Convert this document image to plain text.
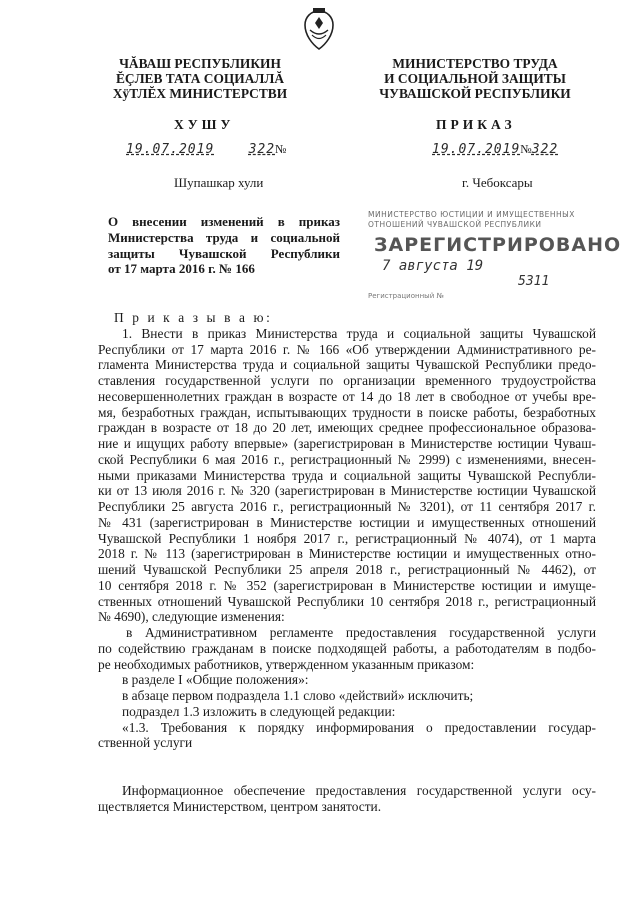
ЧĂВАШ РЕСПУБЛИКИН
ĔÇЛЕВ ТАТА СОЦИАЛЛĂ
ХÿТЛĔХ МИНИСТЕРСТВИ
МИНИСТЕРСТВО ТРУДА
И СОЦИАЛЬНОЙ ЗАЩИТЫ
ЧУВАШСКОЙ РЕСПУБЛИКИ
ХУШУ	ПРИКАЗ
19.07.2019	322№	19.07.2019№322
Шупашкар хули	г. Чебоксары
О внесении изменений в приказ
Министерства труда и социальной
защиты Чувашской Республики
от 17 марта 2016 г. № 166
МИНИСТЕРСТВО ЮСТИЦИИ И ИМУЩЕСТВЕННЫХ
ОТНОШЕНИЙ ЧУВАШСКОЙ РЕСПУБЛИКИ
ЗАРЕГИСТРИРОВАНО
7 августа 19
5311
Регистрационный №
П р и к а з ы в а ю:
1. Внести в приказ Министерства труда и социальной защиты Чувашской
Республики от 17 марта 2016 г. № 166 «Об утверждении Административного ре-
гламента Министерства труда и социальной защиты Чувашской Республики предо-
ставления государственной услуги по организации временного трудоустройства
несовершеннолетних граждан в возрасте от 14 до 18 лет в свободное от учебы вре-
мя, безработных граждан, испытывающих трудности в поиске работы, безработных
граждан в возрасте от 18 до 20 лет, имеющих среднее профессиональное образова-
ние и ищущих работу впервые» (зарегистрирован в Министерстве юстиции Чуваш-
ской Республики 6 мая 2016 г., регистрационный № 2999) с изменениями, внесен-
ными приказами Министерства труда и социальной защиты Чувашской Республи-
ки от 13 июля 2016 г. № 320 (зарегистрирован в Министерстве юстиции Чувашской
Республики 25 августа 2016 г., регистрационный № 3201), от 11 сентября 2017 г.
№ 431 (зарегистрирован в Министерстве юстиции и имущественных отношений
Чувашской Республики 1 ноября 2017 г., регистрационный № 4074), от 1 марта
2018 г. № 113 (зарегистрирован в Министерстве юстиции и имущественных отно-
шений Чувашской Республики 25 апреля 2018 г., регистрационный № 4462), от
10 сентября 2018 г. № 352 (зарегистрирован в Министерстве юстиции и имуще-
ственных отношений Чувашской Республики 10 сентября 2018 г., регистрационный
№ 4690), следующие изменения:
в Административном регламенте предоставления государственной услуги
по содействию гражданам в поиске подходящей работы, а работодателям в подбо-
ре необходимых работников, утвержденном указанным приказом:
в разделе I «Общие положения»:
в абзаце первом подраздела 1.1 слово «действий» исключить;
подраздел 1.3 изложить в следующей редакции:
«1.3. Требования к порядку информирования о предоставлении государ-
ственной услуги
Информационное обеспечение предоставления государственной услуги осу-
ществляется Министерством, центром занятости.
